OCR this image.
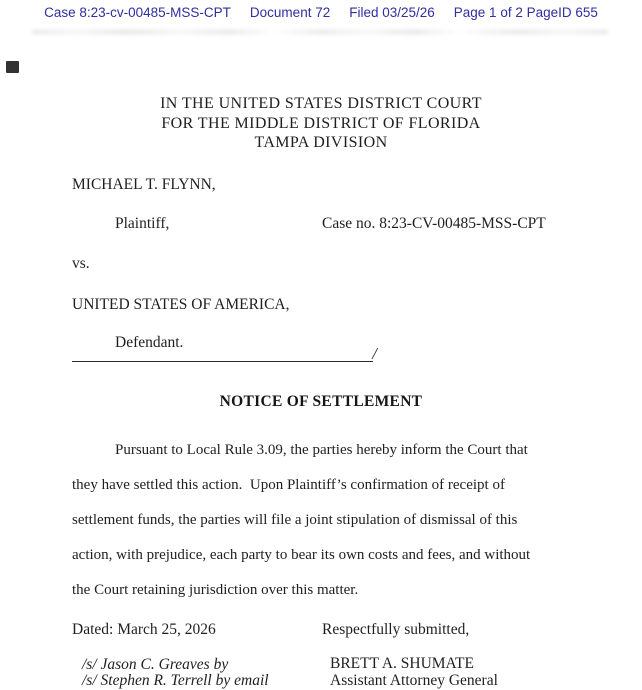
Case 8:23-cv-00485-MSS-CPT Document 72 Filed 03/25/26 Page 1 of 2 PageID 655
IN THE UNITED STATES DISTRICT COURT
FOR THE MIDDLE DISTRICT OF FLORIDA
TAMPA DIVISION
MICHAEL T. FLYNN,
Plaintiff,	Case no. 8:23-CV-00485-MSS-CPT
vs.
UNITED STATES OF AMERICA,
Defendant.
/
NOTICE OF SETTLEMENT
Pursuant to Local Rule 3.09, the parties hereby inform the Court that
they have settled this action.  Upon Plaintiff’s confirmation of receipt of
settlement funds, the parties will file a joint stipulation of dismissal of this
action, with prejudice, each party to bear its own costs and fees, and without
the Court retaining jurisdiction over this matter.
Dated: March 25, 2026	Respectfully submitted,
/s/ Jason C. Greaves by	BRETT A. SHUMATE
/s/ Stephen R. Terrell by email	Assistant Attorney General
